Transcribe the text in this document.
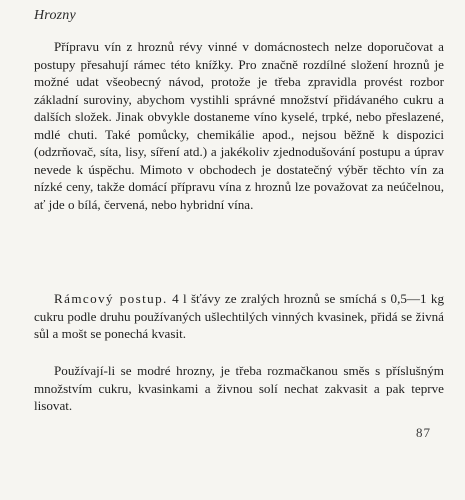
Hrozny

Přípravu vín z hroznů révy vinné v domácnostech nelze doporučovat a postupy přesahují rámec této knížky. Pro značně rozdílné složení hroznů je možné udat všeobecný návod, protože je třeba zpravidla provést rozbor základní suroviny, abychom vystihli správné množství přidávaného cukru a dalších složek. Jinak obvykle dostaneme víno kyselé, trpké, nebo přeslazené, mdlé chuti. Také pomůcky, chemikálie apod., nejsou běžně k dispozici (odzrňovač, síta, lisy, síření atd.) a jakékoliv zjednodušování postupu a úprav nevede k úspěchu. Mimoto v obchodech je dostatečný výběr těchto vín za nízké ceny, takže domácí přípravu vína z hroznů lze považovat za neúčelnou, ať jde o bílá, červená, nebo hybridní vína.

Rámcový postup. 4 l šťávy ze zralých hroznů se smíchá s 0,5—1 kg cukru podle druhu používaných ušlechtilých vinných kvasinek, přidá se živná sůl a mošt se ponechá kvasit.

Používají-li se modré hrozny, je třeba rozmačkanou směs s příslušným množstvím cukru, kvasinkami a živnou solí nechat zakvasit a pak teprve lisovat.

87
